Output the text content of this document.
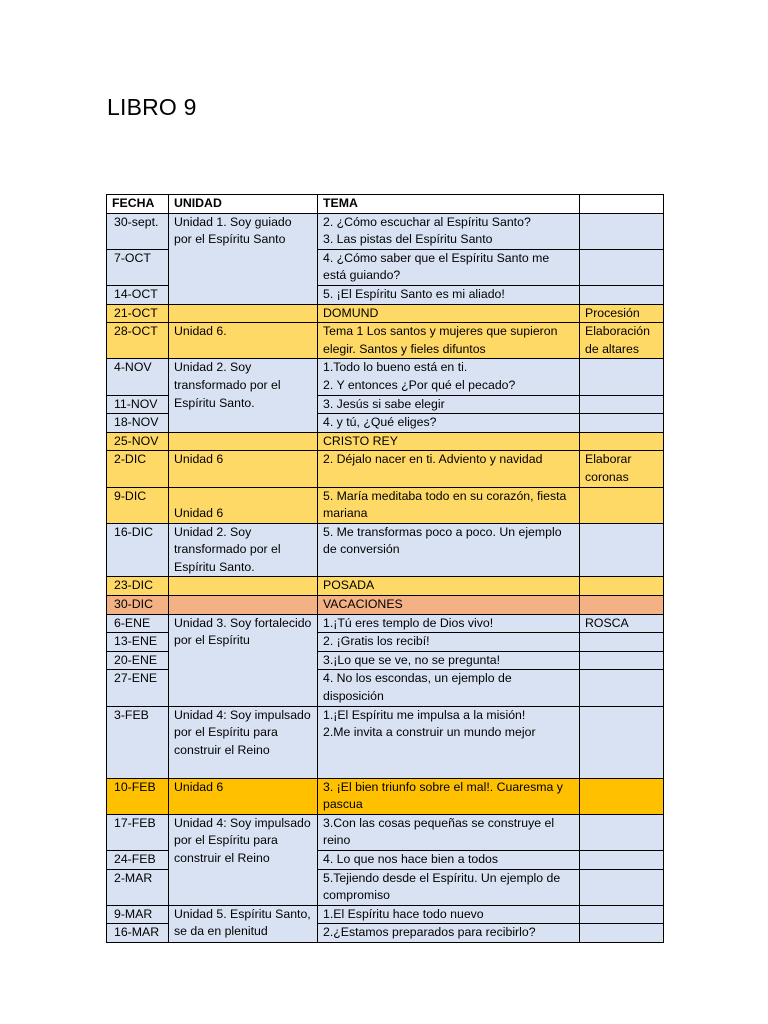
LIBRO 9
FECHA	UNIDAD	TEMA	
30-sept.	Unidad 1. Soy guiado por el Espíritu Santo	2. ¿Cómo escuchar al Espíritu Santo?
3. Las pistas del Espíritu Santo	

7-OCT		4. ¿Cómo saber que el Espíritu Santo me está guiando?	
14-OCT		5. ¡El Espíritu Santo es mi aliado!	
21-OCT		DOMUND	Procesión
28-OCT	Unidad 6.	Tema 1 Los santos y mujeres que supieron elegir. Santos y fieles difuntos	Elaboración de altares
4-NOV	Unidad 2. Soy transformado por el Espíritu Santo.	1.Todo lo bueno está en ti.
2. Y entonces ¿Por qué el pecado?	

11-NOV		3. Jesús si sabe elegir	
18-NOV		4. y tú, ¿Qué eliges?	
25-NOV		CRISTO REY	
2-DIC	Unidad 6	2. Déjalo nacer en ti. Adviento y navidad	Elaborar coronas
9-DIC	Unidad 6	5. María meditaba todo en su corazón, fiesta mariana	
16-DIC	Unidad 2. Soy transformado por el Espíritu Santo.	5. Me transformas poco a poco. Un ejemplo de conversión	
23-DIC		POSADA	
30-DIC		VACACIONES	
6-ENE	Unidad 3. Soy fortalecido por el Espíritu	1.¡Tú eres templo de Dios vivo!	ROSCA
13-ENE		2. ¡Gratis los recibí!	
20-ENE		3.¡Lo que se ve, no se pregunta!	
27-ENE		4. No los escondas, un ejemplo de disposición	
3-FEB	Unidad 4: Soy impulsado por el Espíritu para construir el Reino	1.¡El Espíritu me impulsa a la misión!
2.Me invita a construir un mundo mejor	

10-FEB	Unidad 6	3. ¡El bien triunfo sobre el mal!. Cuaresma y pascua	
17-FEB	Unidad 4: Soy impulsado por el Espíritu para construir el Reino	3.Con las cosas pequeñas se construye el reino	
24-FEB		4. Lo que nos hace bien a todos	
2-MAR		5.Tejiendo desde el Espíritu. Un ejemplo de compromiso	
9-MAR	Unidad 5. Espíritu Santo, se da en plenitud	1.El Espíritu hace todo nuevo	
16-MAR		2.¿Estamos preparados para recibirlo?	
